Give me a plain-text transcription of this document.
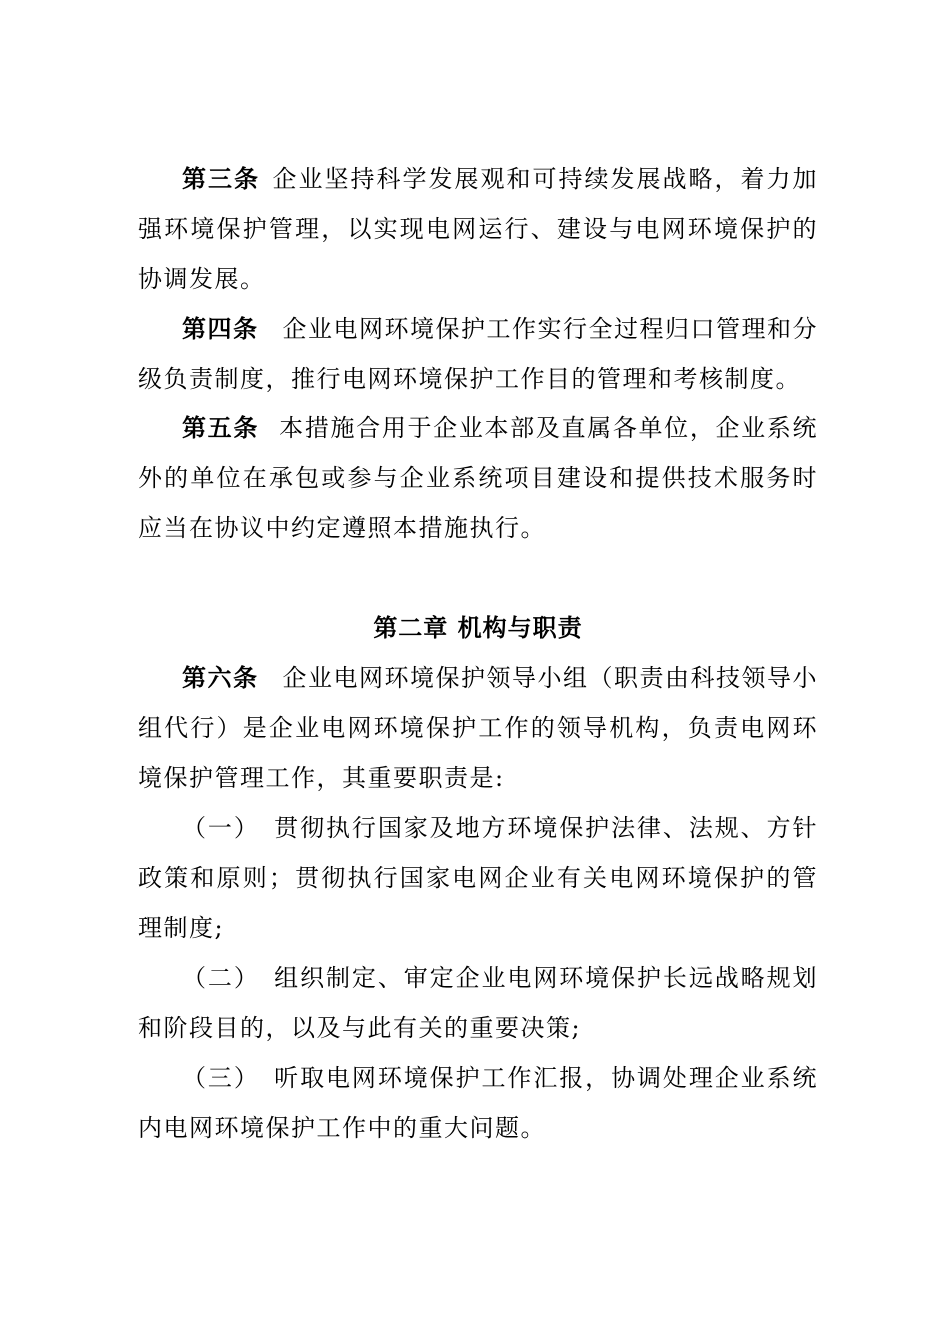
第三条 企业坚持科学发展观和可持续发展战略，着力加强环境保护管理，以实现电网运行、建设与电网环境保护的协调发展。

第四条 企业电网环境保护工作实行全过程归口管理和分级负责制度，推行电网环境保护工作目的管理和考核制度。

第五条 本措施合用于企业本部及直属各单位，企业系统外的单位在承包或参与企业系统项目建设和提供技术服务时应当在协议中约定遵照本措施执行。

第二章 机构与职责

第六条 企业电网环境保护领导小组（职责由科技领导小组代行）是企业电网环境保护工作的领导机构，负责电网环境保护管理工作，其重要职责是:

（一） 贯彻执行国家及地方环境保护法律、法规、方针政策和原则；贯彻执行国家电网企业有关电网环境保护的管理制度;

（二） 组织制定、审定企业电网环境保护长远战略规划和阶段目的，以及与此有关的重要决策;

（三） 听取电网环境保护工作汇报，协调处理企业系统内电网环境保护工作中的重大问题。
